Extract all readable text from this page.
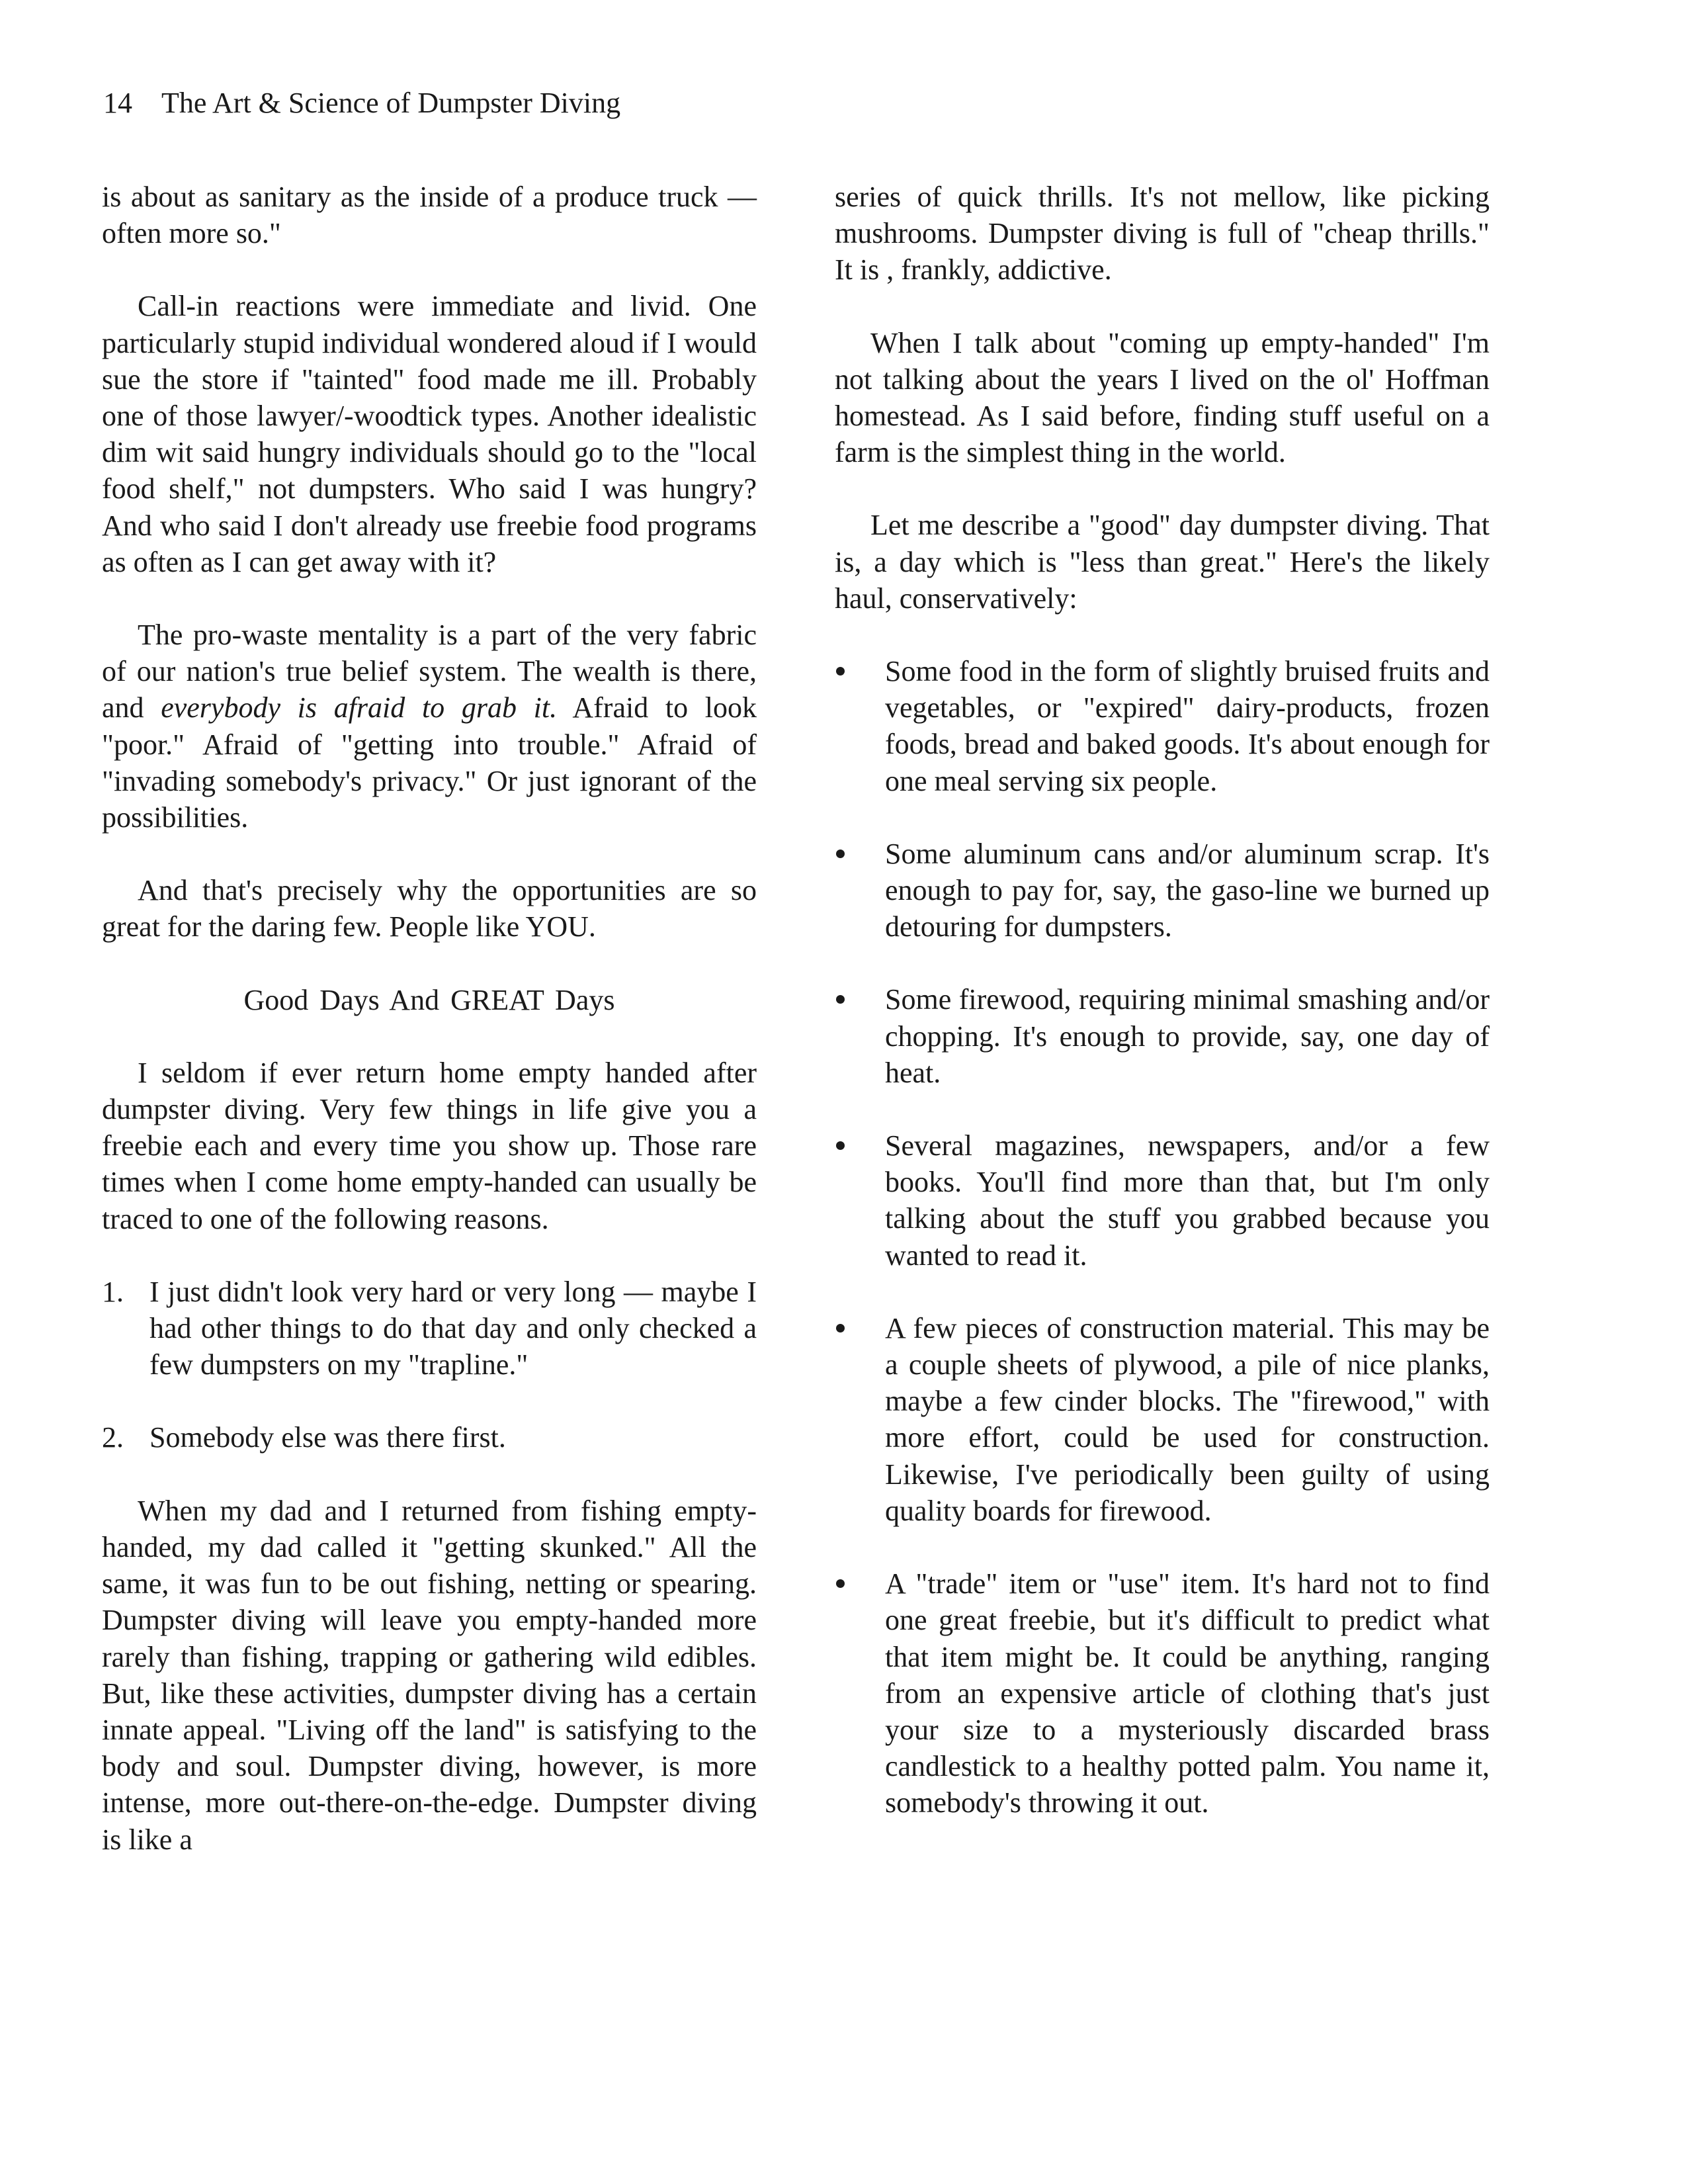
14 The Art & Science of Dumpster Diving

is about as sanitary as the inside of a produce truck — often more so."

Call-in reactions were immediate and livid. One particularly stupid individual wondered aloud if I would sue the store if "tainted" food made me ill. Probably one of those lawyer/-woodtick types. Another idealistic dim wit said hungry individuals should go to the "local food shelf," not dumpsters. Who said I was hungry? And who said I don't already use freebie food programs as often as I can get away with it?

The pro-waste mentality is a part of the very fabric of our nation's true belief system. The wealth is there, and everybody is afraid to grab it. Afraid to look "poor." Afraid of "getting into trouble." Afraid of "invading somebody's privacy." Or just ignorant of the possibilities.

And that's precisely why the opportunities are so great for the daring few. People like YOU.

Good Days And GREAT Days

I seldom if ever return home empty handed after dumpster diving. Very few things in life give you a freebie each and every time you show up. Those rare times when I come home empty-handed can usually be traced to one of the following reasons.

1. I just didn't look very hard or very long — maybe I had other things to do that day and only checked a few dumpsters on my "trapline."
2. Somebody else was there first.

When my dad and I returned from fishing empty-handed, my dad called it "getting skunked." All the same, it was fun to be out fishing, netting or spearing. Dumpster diving will leave you empty-handed more rarely than fishing, trapping or gathering wild edibles. But, like these activities, dumpster diving has a certain innate appeal. "Living off the land" is satisfying to the body and soul. Dumpster diving, however, is more intense, more out-there-on-the-edge. Dumpster diving is like a

series of quick thrills. It's not mellow, like picking mushrooms. Dumpster diving is full of "cheap thrills." It is , frankly, addictive.

When I talk about "coming up empty-handed" I'm not talking about the years I lived on the ol' Hoffman homestead. As I said before, finding stuff useful on a farm is the simplest thing in the world.

Let me describe a "good" day dumpster diving. That is, a day which is "less than great." Here's the likely haul, conservatively:

Some food in the form of slightly bruised fruits and vegetables, or "expired" dairy-products, frozen foods, bread and baked goods. It's about enough for one meal serving six people.
Some aluminum cans and/or aluminum scrap. It's enough to pay for, say, the gaso-line we burned up detouring for dumpsters.
Some firewood, requiring minimal smashing and/or chopping. It's enough to provide, say, one day of heat.
Several magazines, newspapers, and/or a few books. You'll find more than that, but I'm only talking about the stuff you grabbed because you wanted to read it.
A few pieces of construction material. This may be a couple sheets of plywood, a pile of nice planks, maybe a few cinder blocks. The "firewood," with more effort, could be used for construction. Likewise, I've periodically been guilty of using quality boards for firewood.
A "trade" item or "use" item. It's hard not to find one great freebie, but it's difficult to predict what that item might be. It could be anything, ranging from an expensive article of clothing that's just your size to a mysteriously discarded brass candlestick to a healthy potted palm. You name it, somebody's throwing it out.
